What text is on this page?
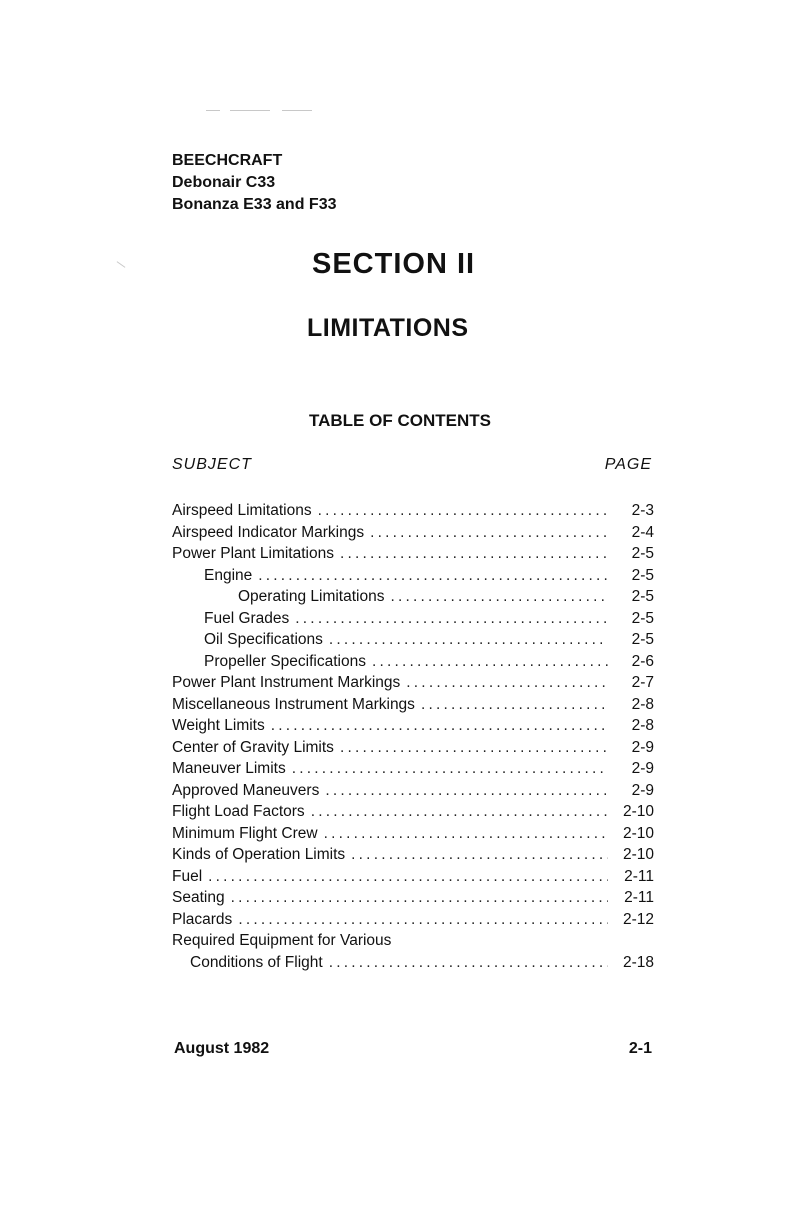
BEECHCRAFT
Debonair C33
Bonanza E33 and F33
SECTION II
LIMITATIONS
TABLE OF CONTENTS
SUBJECT	PAGE
Airspeed Limitations .....	2-3
Airspeed Indicator Markings .....	2-4
Power Plant Limitations .....	2-5
Engine .....	2-5
Operating Limitations .....	2-5
Fuel Grades .....	2-5
Oil Specifications .....	2-5
Propeller Specifications .....	2-6
Power Plant Instrument Markings .....	2-7
Miscellaneous Instrument Markings .....	2-8
Weight Limits .....	2-8
Center of Gravity Limits .....	2-9
Maneuver Limits .....	2-9
Approved Maneuvers .....	2-9
Flight Load Factors .....	2-10
Minimum Flight Crew .....	2-10
Kinds of Operation Limits .....	2-10
Fuel .....	2-11
Seating .....	2-11
Placards .....	2-12
Required Equipment for Various
Conditions of Flight .....	2-18
August 1982	2-1
